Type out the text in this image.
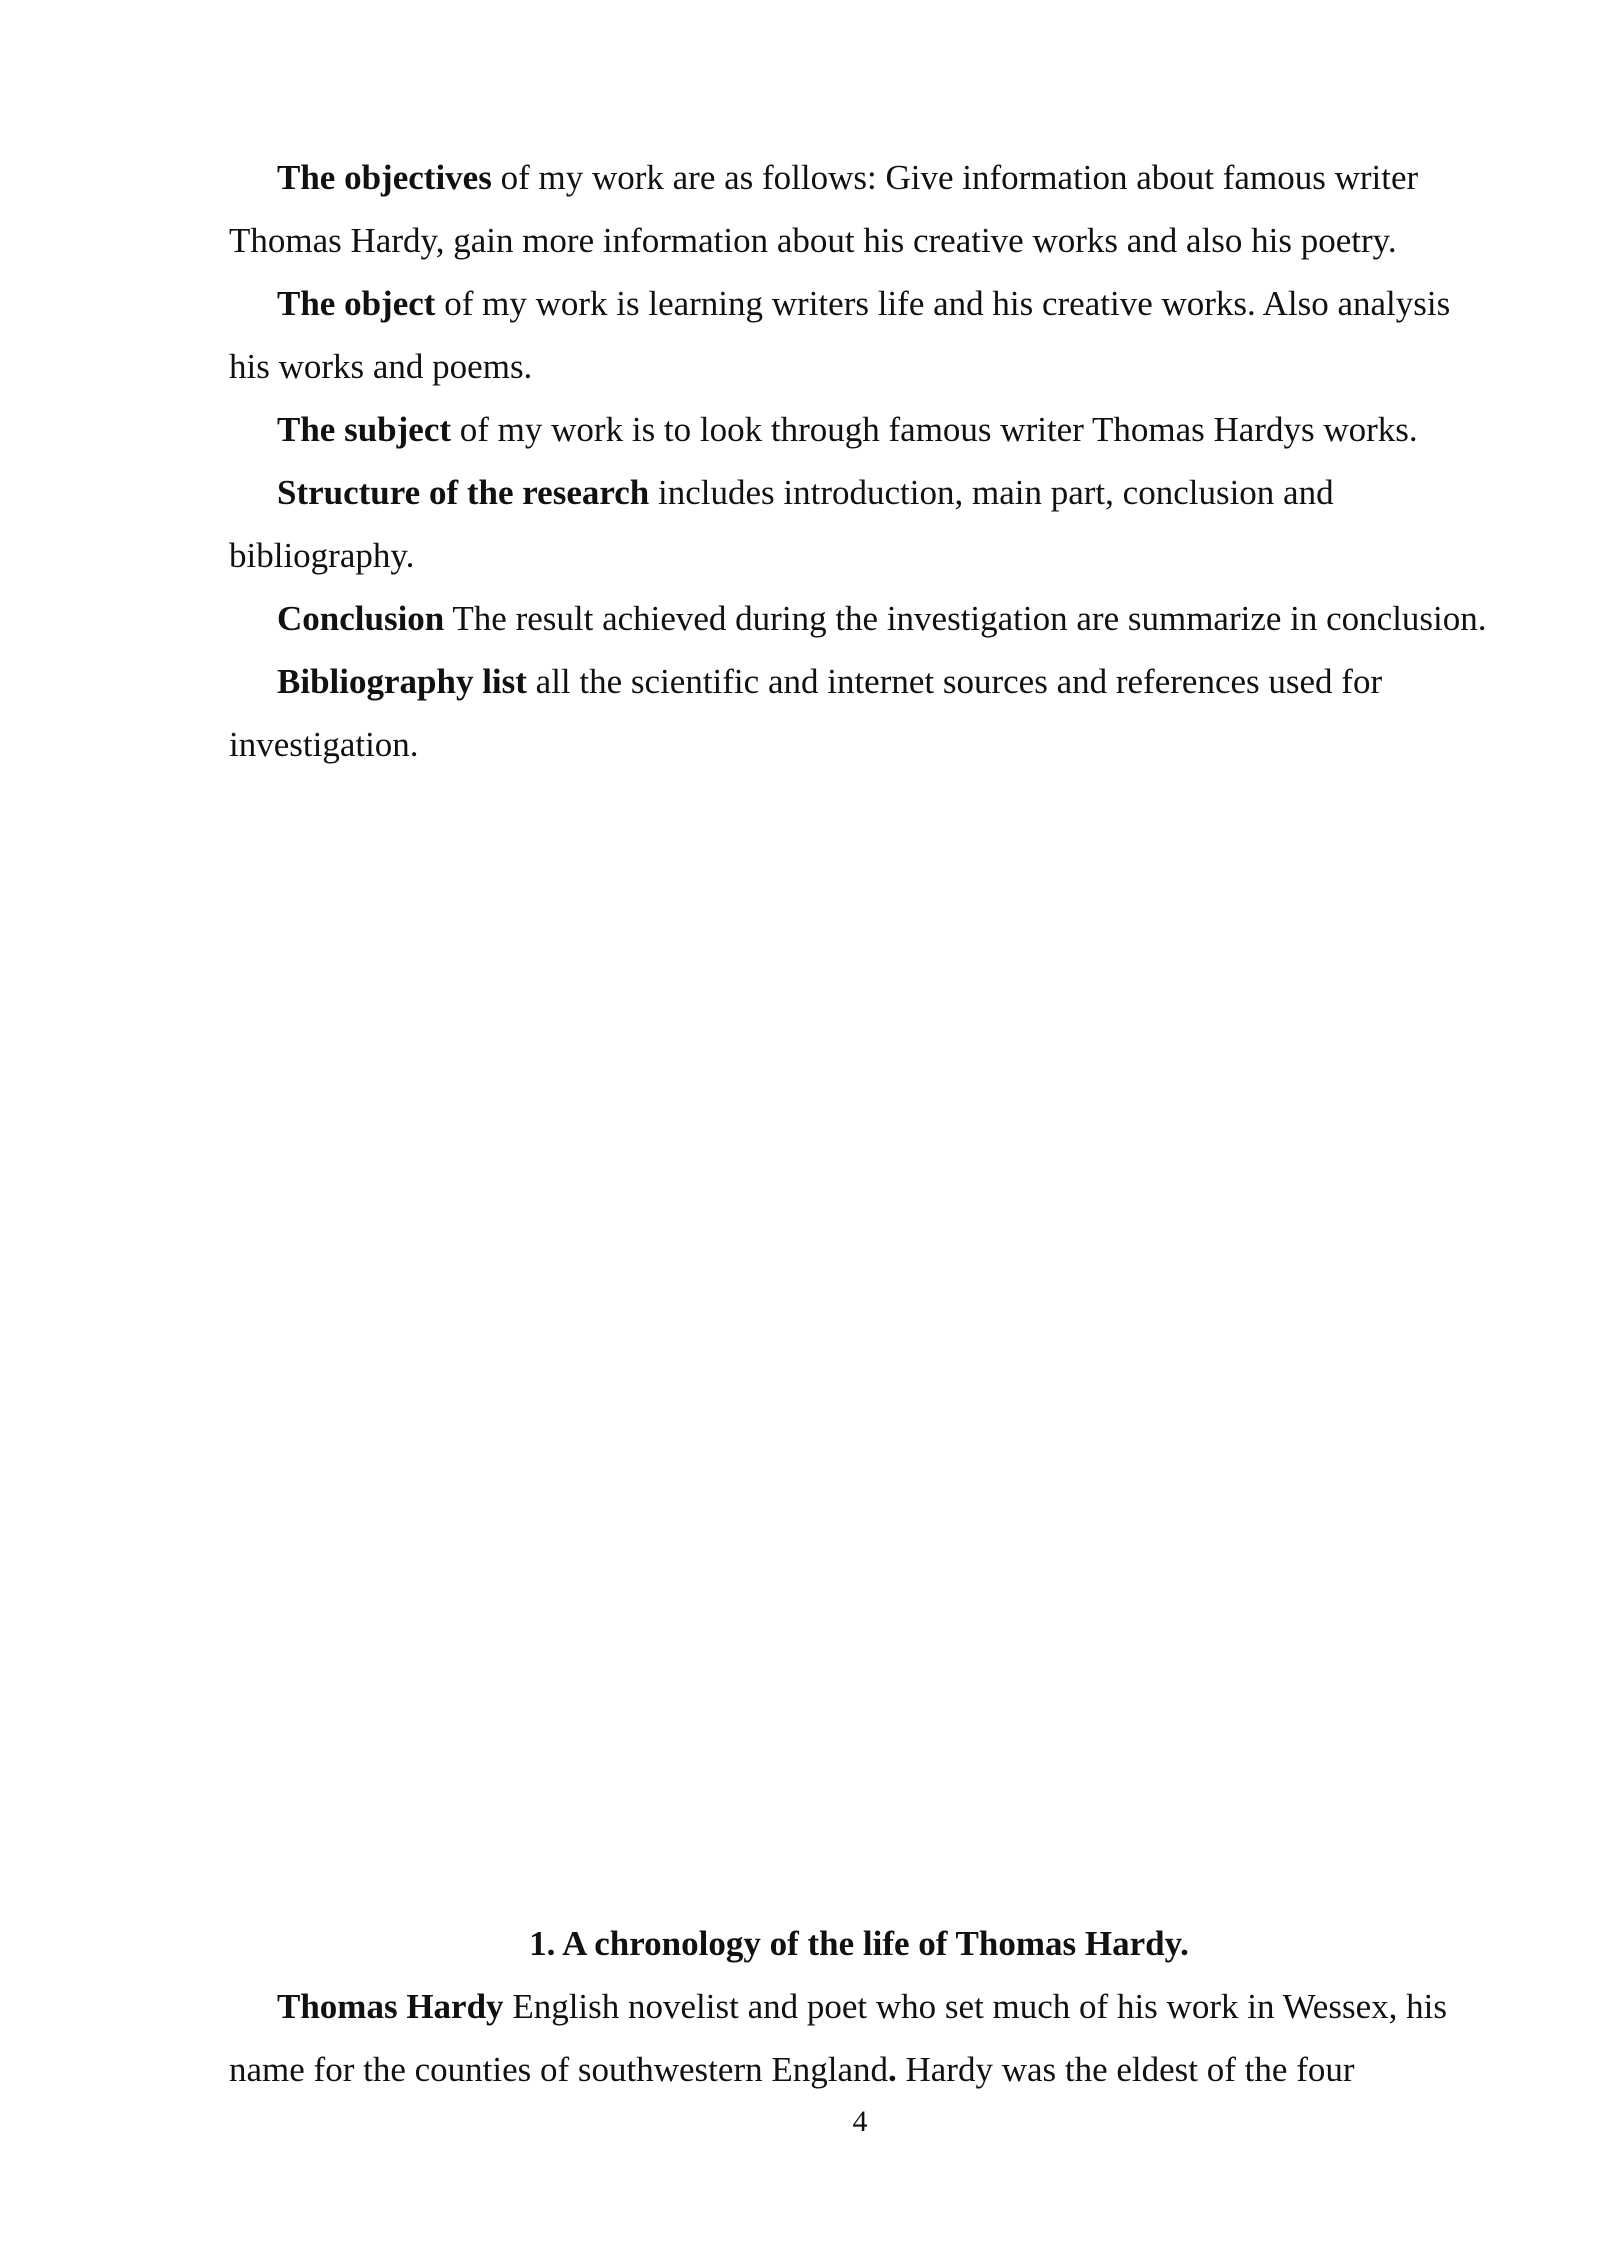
The objectives of my work are as follows: Give information about famous writer Thomas Hardy, gain more information about his creative works and also his poetry.

The object of my work is learning writers life and his creative works. Also analysis his works and poems.

The subject of my work is to look through famous writer Thomas Hardys works.

Structure of the research includes introduction, main part, conclusion and bibliography.

Conclusion The result achieved during the investigation are summarize in conclusion.

Bibliography list all the scientific and internet sources and references used for investigation.

1. A chronology of the life of Thomas Hardy.

Thomas Hardy English novelist and poet who set much of his work in Wessex, his name for the counties of southwestern England. Hardy was the eldest of the four

4
